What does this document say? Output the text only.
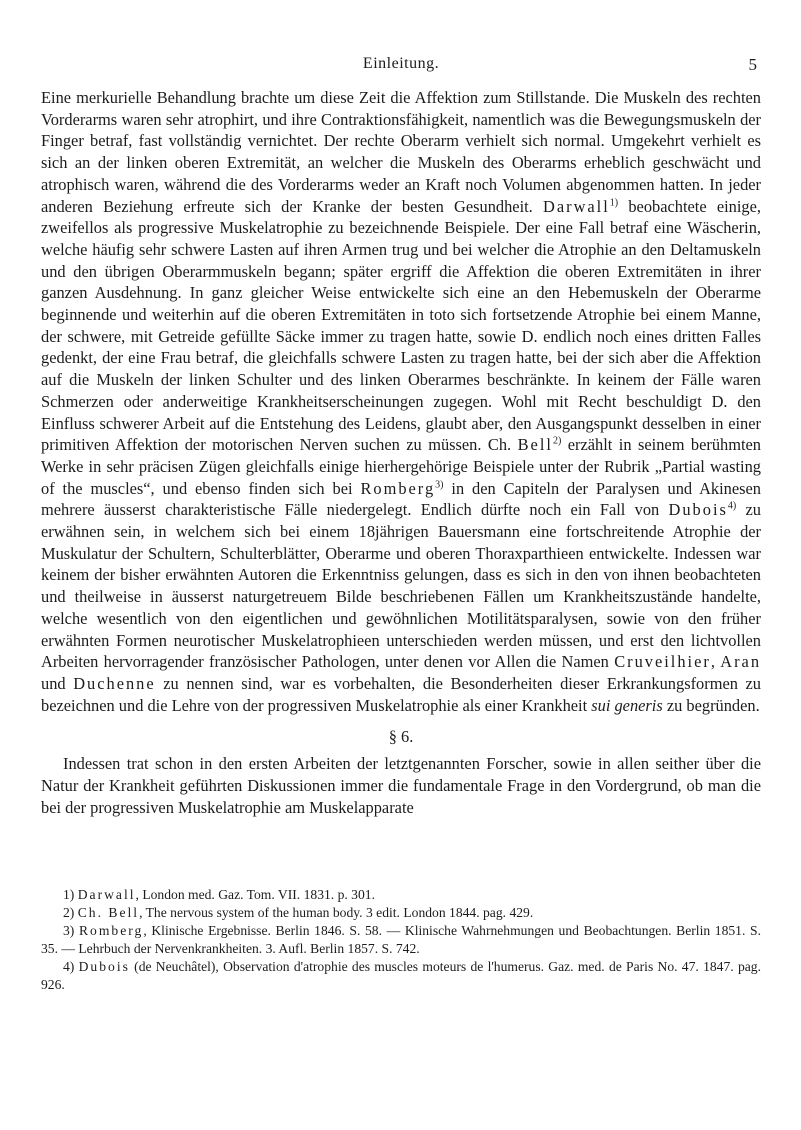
Einleitung.	5

Eine merkurielle Behandlung brachte um diese Zeit die Affektion zum Stillstande. Die Muskeln des rechten Vorderarms waren sehr atrophirt, und ihre Contraktionsfähigkeit, namentlich was die Bewegungsmuskeln der Finger betraf, fast vollständig vernichtet. Der rechte Oberarm verhielt sich normal. Umgekehrt verhielt es sich an der linken oberen Extremität, an welcher die Muskeln des Oberarms erheblich geschwächt und atrophisch waren, während die des Vorderarms weder an Kraft noch Volumen abgenommen hatten. In jeder anderen Beziehung erfreute sich der Kranke der besten Gesundheit. Darwall$^{1)}$ beobachtete einige, zweifellos als progressive Muskelatrophie zu bezeichnende Beispiele. Der eine Fall betraf eine Wäscherin, welche häufig sehr schwere Lasten auf ihren Armen trug und bei welcher die Atrophie an den Deltamuskeln und den übrigen Oberarmmuskeln begann; später ergriff die Affektion die oberen Extremitäten in ihrer ganzen Ausdehnung. In ganz gleicher Weise entwickelte sich eine an den Hebemuskeln der Oberarme beginnende und weiterhin auf die oberen Extremitäten in toto sich fortsetzende Atrophie bei einem Manne, der schwere, mit Getreide gefüllte Säcke immer zu tragen hatte, sowie D. endlich noch eines dritten Falles gedenkt, der eine Frau betraf, die gleichfalls schwere Lasten zu tragen hatte, bei der sich aber die Affektion auf die Muskeln der linken Schulter und des linken Oberarmes beschränkte. In keinem der Fälle waren Schmerzen oder anderweitige Krankheitserscheinungen zugegen. Wohl mit Recht beschuldigt D. den Einfluss schwerer Arbeit auf die Entstehung des Leidens, glaubt aber, den Ausgangspunkt desselben in einer primitiven Affektion der motorischen Nerven suchen zu müssen. Ch. Bell$^{2)}$ erzählt in seinem berühmten Werke in sehr präcisen Zügen gleichfalls einige hierhergehörige Beispiele unter der Rubrik „Partial wasting of the muscles“, und ebenso finden sich bei Romberg$^{3)}$ in den Capiteln der Paralysen und Akinesen mehrere äusserst charakteristische Fälle niedergelegt. Endlich dürfte noch ein Fall von Dubois$^{4)}$ zu erwähnen sein, in welchem sich bei einem 18jährigen Bauersmann eine fortschreitende Atrophie der Muskulatur der Schultern, Schulterblätter, Oberarme und oberen Thoraxparthieen entwickelte. Indessen war keinem der bisher erwähnten Autoren die Erkenntniss gelungen, dass es sich in den von ihnen beobachteten und theilweise in äusserst naturgetreuem Bilde beschriebenen Fällen um Krankheitszustände handelte, welche wesentlich von den eigentlichen und gewöhnlichen Motilitätsparalysen, sowie von den früher erwähnten Formen neurotischer Muskelatrophieen unterschieden werden müssen, und erst den lichtvollen Arbeiten hervorragender französischer Pathologen, unter denen vor Allen die Namen Cruveilhier, Aran und Duchenne zu nennen sind, war es vorbehalten, die Besonderheiten dieser Erkrankungsformen zu bezeichnen und die Lehre von der progressiven Muskelatrophie als einer Krankheit sui generis zu begründen.

§ 6.

Indessen trat schon in den ersten Arbeiten der letztgenannten Forscher, sowie in allen seither über die Natur der Krankheit geführten Diskussionen immer die fundamentale Frage in den Vordergrund, ob man die bei der progressiven Muskelatrophie am Muskelapparate

1) Darwall, London med. Gaz. Tom. VII. 1831. p. 301.

2) Ch. Bell, The nervous system of the human body. 3 edit. London 1844. pag. 429.

3) Romberg, Klinische Ergebnisse. Berlin 1846. S. 58. — Klinische Wahrnehmungen und Beobachtungen. Berlin 1851. S. 35. — Lehrbuch der Nervenkrankheiten. 3. Aufl. Berlin 1857. S. 742.

4) Dubois (de Neuchâtel), Observation d'atrophie des muscles moteurs de l'humerus. Gaz. med. de Paris No. 47. 1847. pag. 926.
